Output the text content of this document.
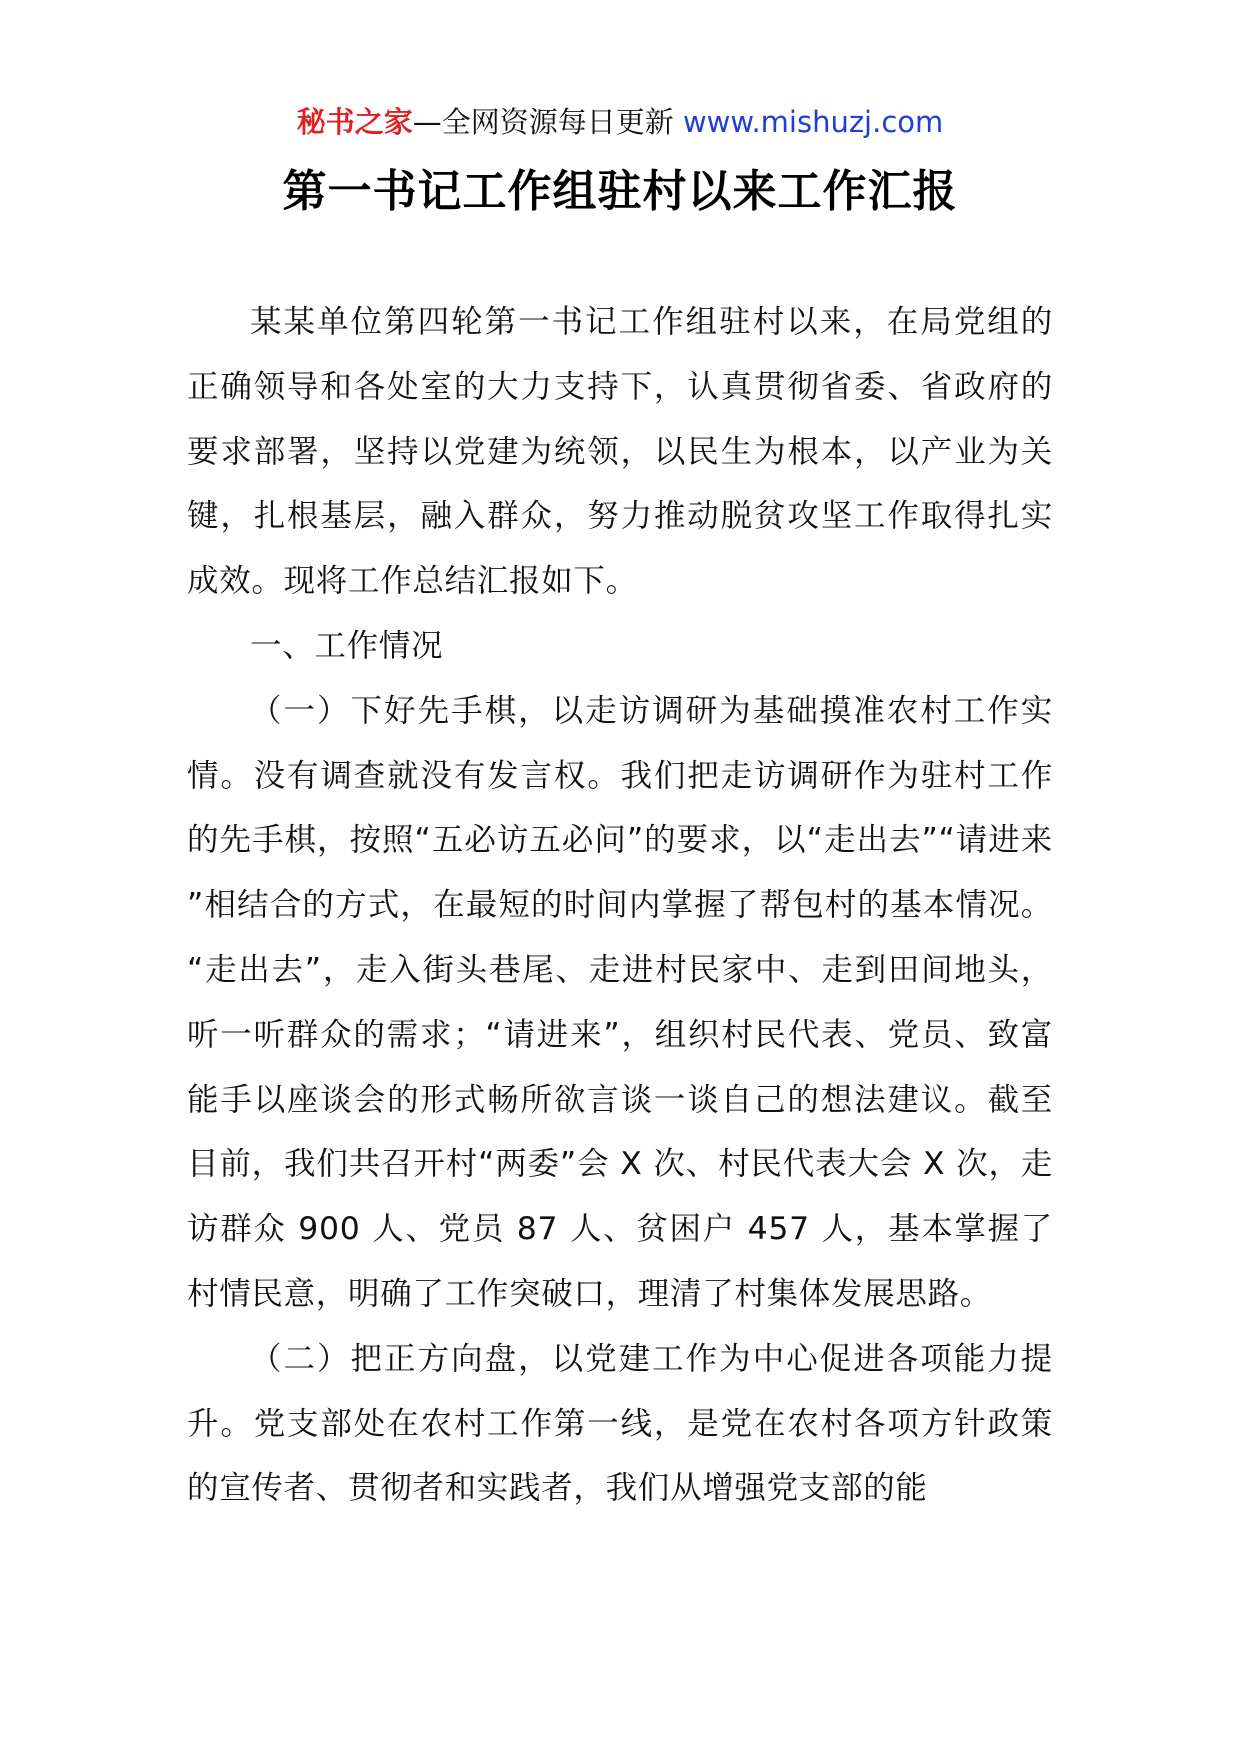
秘书之家—全网资源每日更新 www.mishuzj.com
第一书记工作组驻村以来工作汇报

某某单位第四轮第一书记工作组驻村以来，在局党组的正确领导和各处室的大力支持下，认真贯彻省委、省政府的要求部署，坚持以党建为统领，以民生为根本，以产业为关键，扎根基层，融入群众，努力推动脱贫攻坚工作取得扎实成效。现将工作总结汇报如下。

一、工作情况

（一）下好先手棋，以走访调研为基础摸准农村工作实情。没有调查就没有发言权。我们把走访调研作为驻村工作的先手棋，按照“五必访五必问”的要求，以“走出去”“请进来”相结合的方式，在最短的时间内掌握了帮包村的基本情况。“走出去”，走入街头巷尾、走进村民家中、走到田间地头，听一听群众的需求；“请进来”，组织村民代表、党员、致富能手以座谈会的形式畅所欲言谈一谈自己的想法建议。截至目前，我们共召开村“两委”会 X 次、村民代表大会 X 次，走访群众 900 人、党员 87 人、贫困户 457 人，基本掌握了村情民意，明确了工作突破口，理清了村集体发展思路。

（二）把正方向盘，以党建工作为中心促进各项能力提升。党支部处在农村工作第一线，是党在农村各项方针政策的宣传者、贯彻者和实践者，我们从增强党支部的能
